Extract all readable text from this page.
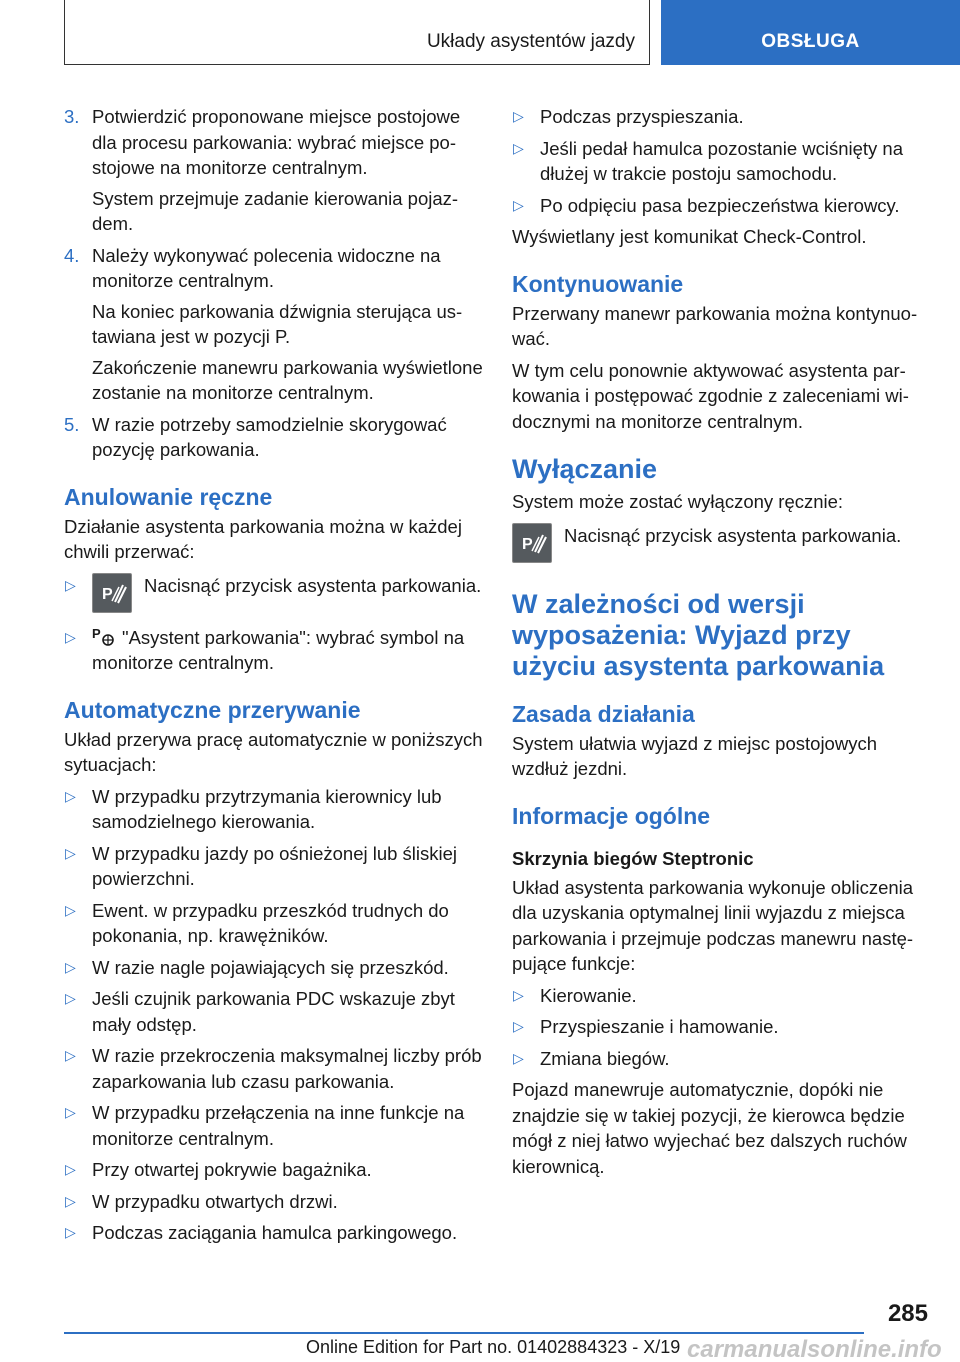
Układy asystentów jazdy	OBSŁUGA
3. Potwierdzić proponowane miejsce postojowe dla procesu parkowania: wybrać miejsce postojowe na monitorze centralnym.

System przejmuje zadanie kierowania pojazdem.

4. Należy wykonywać polecenia widoczne na monitorze centralnym.

Na koniec parkowania dźwignia sterująca ustawiana jest w pozycji P.

Zakończenie manewru parkowania wyświetlone zostanie na monitorze centralnym.

5. W razie potrzeby samodzielnie skorygować pozycję parkowania.

Anulowanie ręczne

Działanie asystenta parkowania można w każdej chwili przerwać:

▷
P Nacisnąć przycisk asystenta parkowania.
▷	P "Asystent parkowania": wybrać symbol na monitorze centralnym.
Automatyczne przerywanie

Układ przerywa pracę automatycznie w poniższych sytuacjach:

▷ W przypadku przytrzymania kierownicy lub samodzielnego kierowania.
▷ W przypadku jazdy po ośnieżonej lub śliskiej powierzchni.
▷ Ewent. w przypadku przeszkód trudnych do pokonania, np. krawężników.
▷ W razie nagle pojawiających się przeszkód.
▷ Jeśli czujnik parkowania PDC wskazuje zbyt mały odstęp.
▷ W razie przekroczenia maksymalnej liczby prób zaparkowania lub czasu parkowania.
▷ W przypadku przełączenia na inne funkcje na monitorze centralnym.
▷ Przy otwartej pokrywie bagażnika.
▷ W przypadku otwartych drzwi.
▷ Podczas zaciągania hamulca parkingowego.
▷ Podczas przyspieszania.
▷ Jeśli pedał hamulca pozostanie wciśnięty na dłużej w trakcie postoju samochodu.
▷ Po odpięciu pasa bezpieczeństwa kierowcy.

Wyświetlany jest komunikat Check-Control.

Kontynuowanie

Przerwany manewr parkowania można kontynuować.

W tym celu ponownie aktywować asystenta parkowania i postępować zgodnie z zaleceniami widocznymi na monitorze centralnym.

Wyłączanie

System może zostać wyłączony ręcznie:

P Nacisnąć przycisk asystenta parkowania.
W zależności od wersji wyposażenia: Wyjazd przy użyciu asystenta parkowania
Zasada działania

System ułatwia wyjazd z miejsc postojowych wzdłuż jezdni.

Informacje ogólne
Skrzynia biegów Steptronic

Układ asystenta parkowania wykonuje obliczenia dla uzyskania optymalnej linii wyjazdu z miejsca parkowania i przejmuje podczas manewru następujące funkcje:

▷ Kierowanie.
▷ Przyspieszanie i hamowanie.
▷ Zmiana biegów.

Pojazd manewruje automatycznie, dopóki nie znajdzie się w takiej pozycji, że kierowca będzie mógł z niej łatwo wyjechać bez dalszych ruchów kierownicą.

285
Online Edition for Part no. 01402884323 - X/19 carmanualsonline.info
